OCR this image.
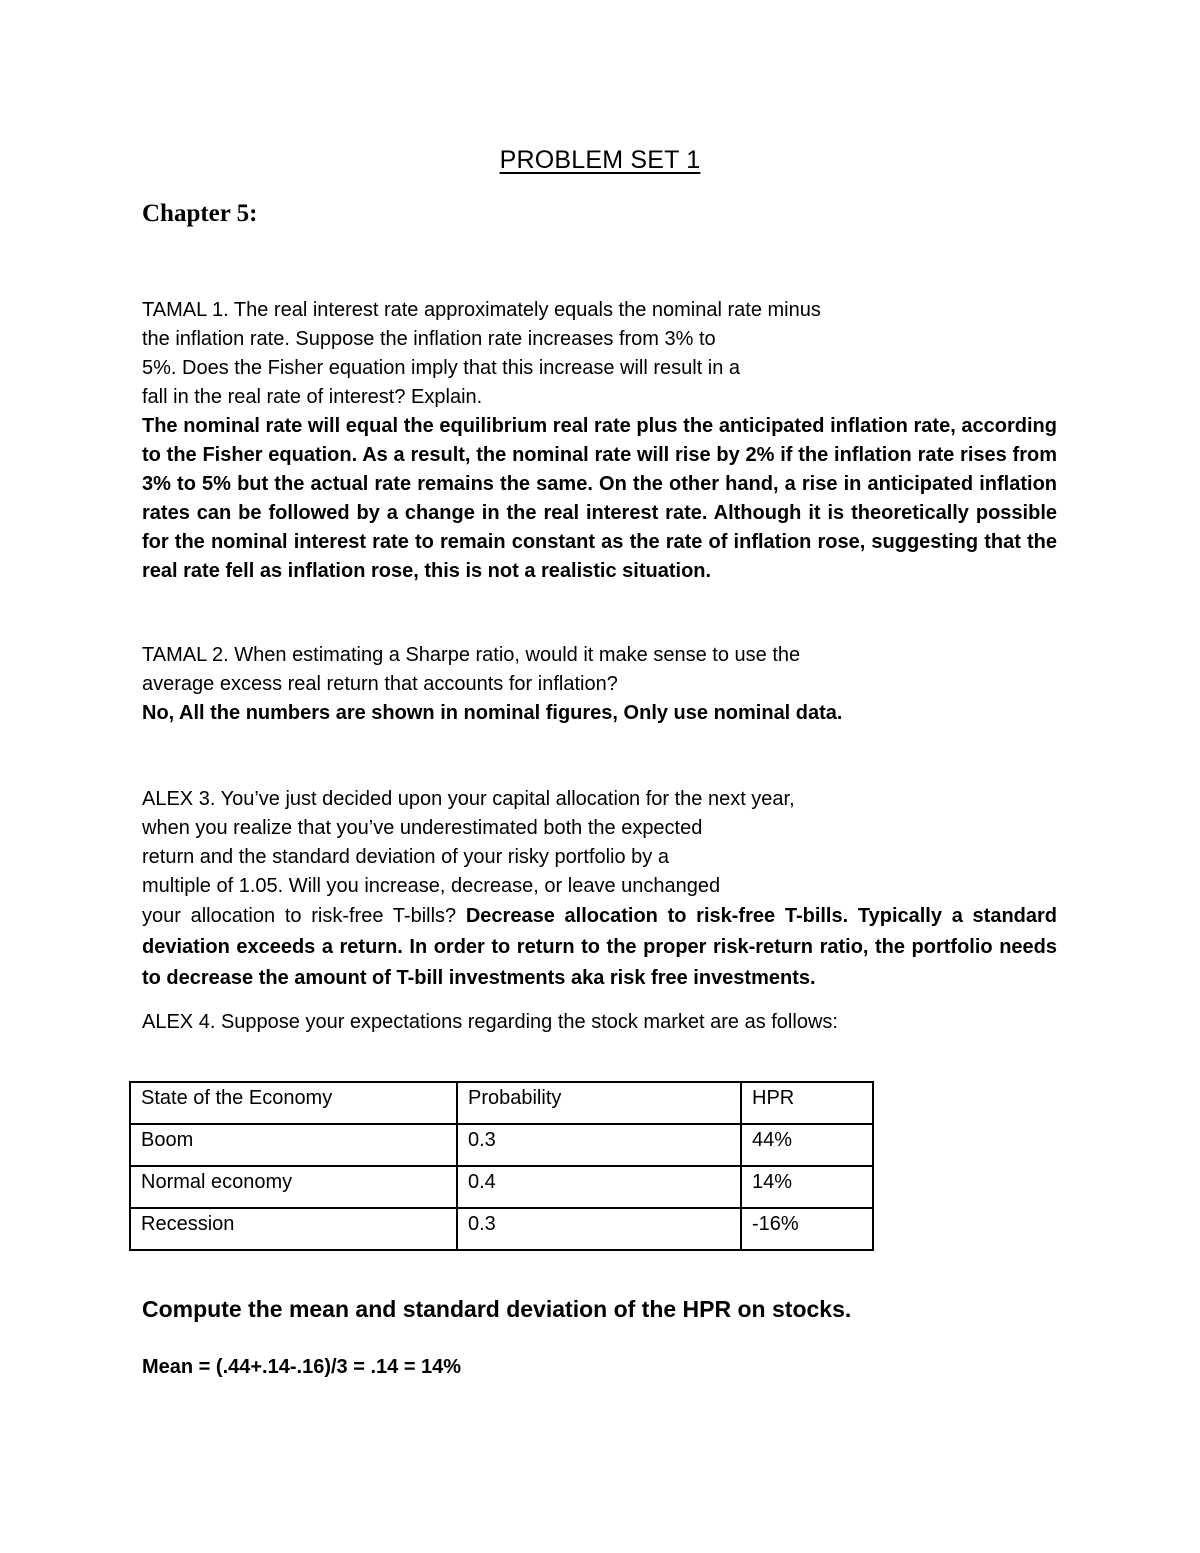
PROBLEM SET 1
Chapter 5:
TAMAL 1. The real interest rate approximately equals the nominal rate minus
the inflation rate. Suppose the inflation rate increases from 3% to
5%. Does the Fisher equation imply that this increase will result in a
fall in the real rate of interest? Explain.
The nominal rate will equal the equilibrium real rate plus the anticipated inflation rate, according to the Fisher equation. As a result, the nominal rate will rise by 2% if the inflation rate rises from 3% to 5% but the actual rate remains the same. On the other hand, a rise in anticipated inflation rates can be followed by a change in the real interest rate. Although it is theoretically possible for the nominal interest rate to remain constant as the rate of inflation rose, suggesting that the real rate fell as inflation rose, this is not a realistic situation.
TAMAL 2. When estimating a Sharpe ratio, would it make sense to use the
average excess real return that accounts for inflation?
No, All the numbers are shown in nominal figures, Only use nominal data.
ALEX 3. You’ve just decided upon your capital allocation for the next year,
when you realize that you’ve underestimated both the expected
return and the standard deviation of your risky portfolio by a
multiple of 1.05. Will you increase, decrease, or leave unchanged
your allocation to risk-free T-bills? Decrease allocation to risk-free T-bills. Typically a standard deviation exceeds a return. In order to return to the proper risk-return ratio, the portfolio needs to decrease the amount of T-bill investments aka risk free investments.
ALEX 4. Suppose your expectations regarding the stock market are as follows:
State of the Economy	Probability	HPR
Boom	0.3	44%
Normal economy	0.4	14%
Recession	0.3	-16%
Compute the mean and standard deviation of the HPR on stocks.
Mean = (.44+.14-.16)/3 = .14 = 14%
